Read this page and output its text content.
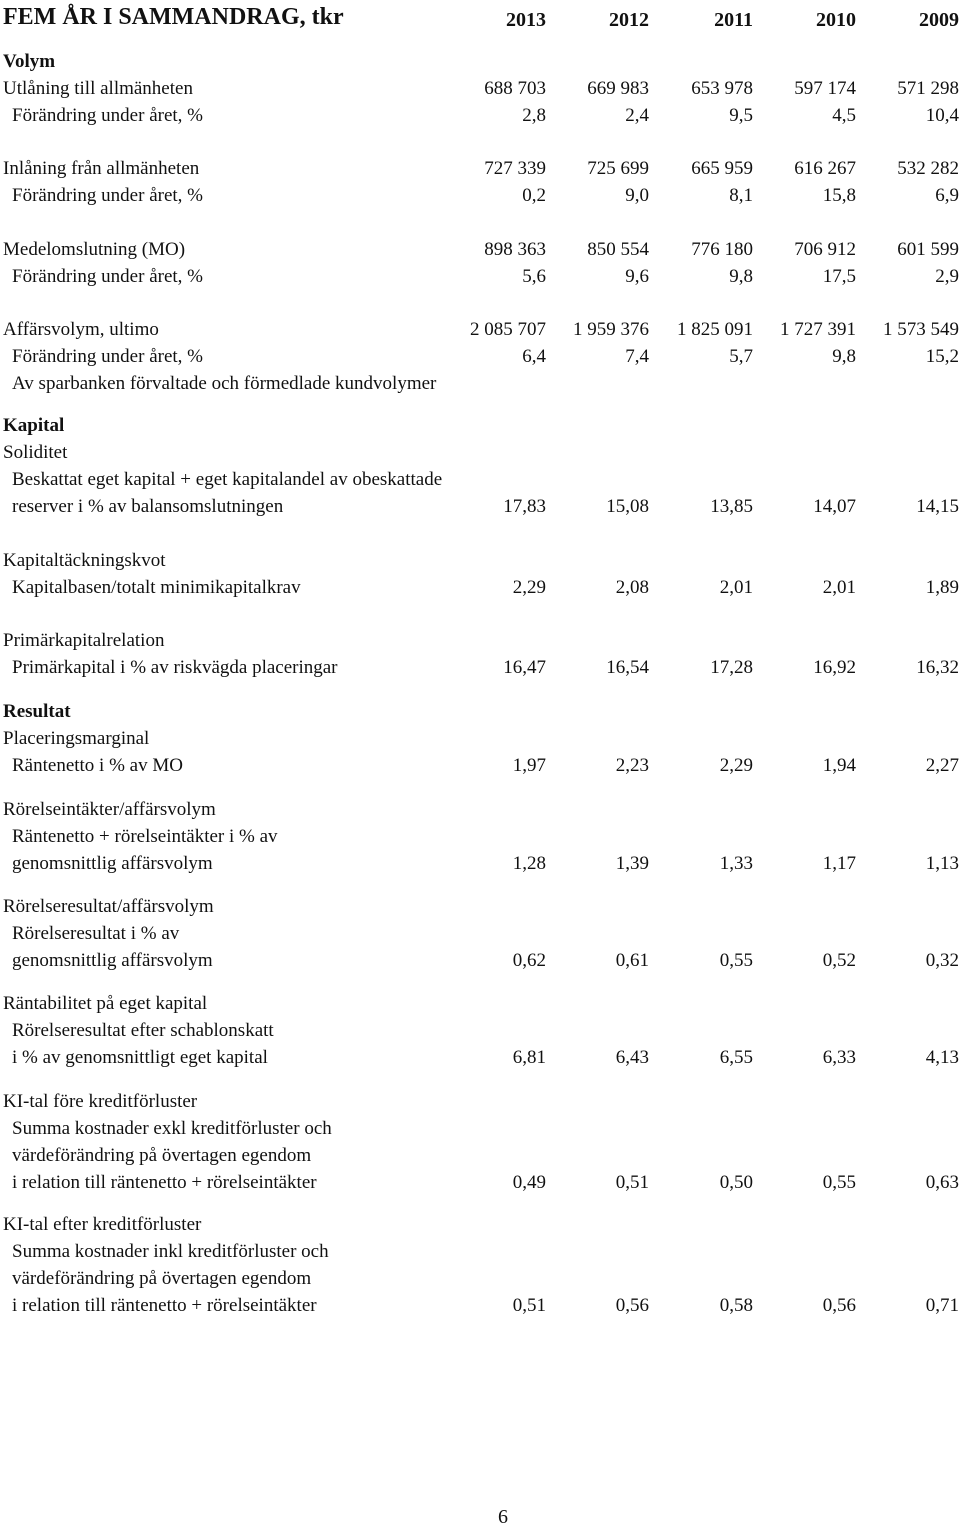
FEM ÅR I SAMMANDRAG, tkr	2013	2012	2011	2010	2009
Volym
Utlåning till allmänheten	688 703	669 983	653 978	597 174	571 298
Förändring under året, %	2,8	2,4	9,5	4,5	10,4
Inlåning från allmänheten	727 339	725 699	665 959	616 267	532 282
Förändring under året, %	0,2	9,0	8,1	15,8	6,9
Medelomslutning (MO)	898 363	850 554	776 180	706 912	601 599
Förändring under året, %	5,6	9,6	9,8	17,5	2,9
Affärsvolym, ultimo	2 085 707	1 959 376	1 825 091	1 727 391	1 573 549
Förändring under året, %	6,4	7,4	5,7	9,8	15,2
Av sparbanken förvaltade och förmedlade kundvolymer
Kapital
Soliditet
Beskattat eget kapital + eget kapitalandel av obeskattade
reserver i % av balansomslutningen	17,83	15,08	13,85	14,07	14,15
Kapitaltäckningskvot
Kapitalbasen/totalt minimikapitalkrav	2,29	2,08	2,01	2,01	1,89
Primärkapitalrelation
Primärkapital i % av riskvägda placeringar	16,47	16,54	17,28	16,92	16,32
Resultat
Placeringsmarginal
Räntenetto i % av MO	1,97	2,23	2,29	1,94	2,27
Rörelseintäkter/affärsvolym
Räntenetto + rörelseintäkter i % av
genomsnittlig affärsvolym	1,28	1,39	1,33	1,17	1,13
Rörelseresultat/affärsvolym
Rörelseresultat i % av
genomsnittlig affärsvolym	0,62	0,61	0,55	0,52	0,32
Räntabilitet på eget kapital
Rörelseresultat efter schablonskatt
i % av genomsnittligt eget kapital	6,81	6,43	6,55	6,33	4,13
KI-tal före kreditförluster
Summa kostnader exkl kreditförluster och
värdeförändring på övertagen egendom
i relation till räntenetto + rörelseintäkter	0,49	0,51	0,50	0,55	0,63
KI-tal efter kreditförluster
Summa kostnader inkl kreditförluster och
värdeförändring på övertagen egendom
i relation till räntenetto + rörelseintäkter	0,51	0,56	0,58	0,56	0,71
6
